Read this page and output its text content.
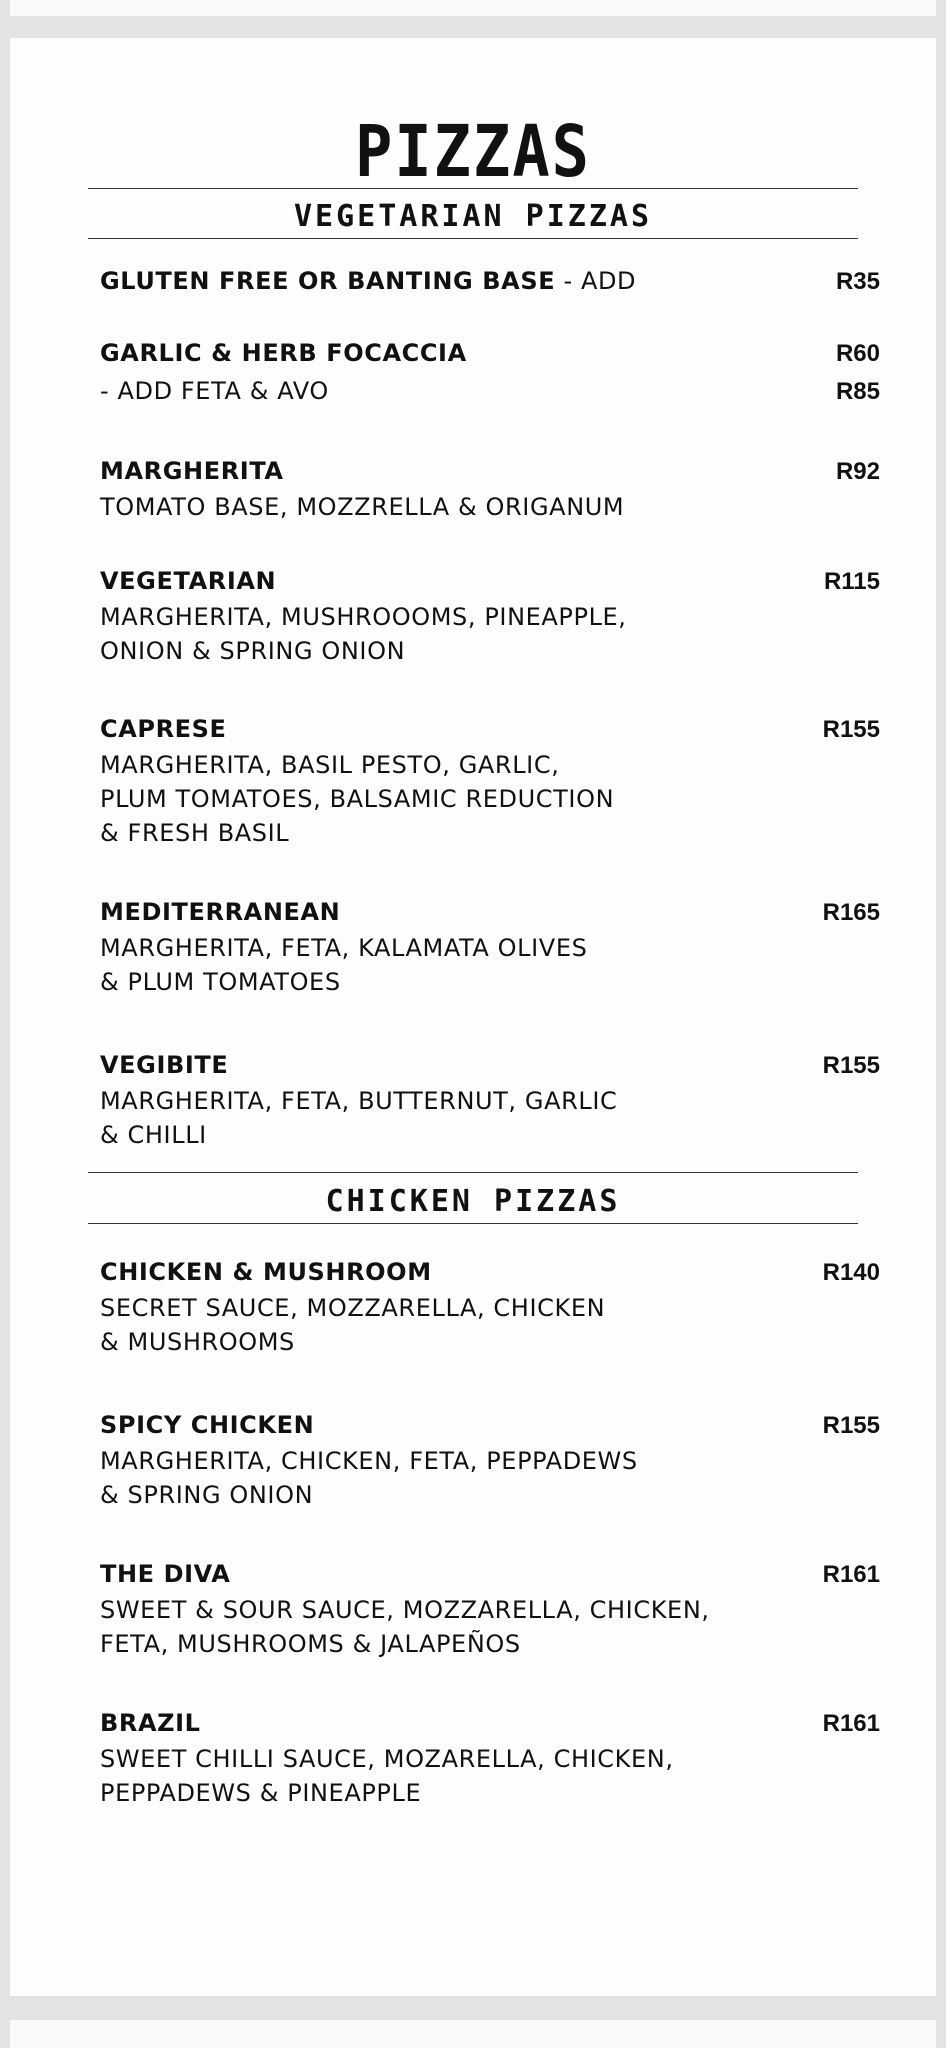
PIZZAS
VEGETARIAN PIZZAS
GLUTEN FREE OR BANTING BASE - ADD	R35
GARLIC & HERB FOCACCIA	R60
- ADD FETA & AVO	R85
MARGHERITA	R92
TOMATO BASE, MOZZRELLA & ORIGANUM
VEGETARIAN	R115
MARGHERITA, MUSHROOOMS, PINEAPPLE,
ONION & SPRING ONION
CAPRESE	R155
MARGHERITA, BASIL PESTO, GARLIC,
PLUM TOMATOES, BALSAMIC REDUCTION
& FRESH BASIL
MEDITERRANEAN	R165
MARGHERITA, FETA, KALAMATA OLIVES
& PLUM TOMATOES
VEGIBITE	R155
MARGHERITA, FETA, BUTTERNUT, GARLIC
& CHILLI
CHICKEN PIZZAS
CHICKEN & MUSHROOM	R140
SECRET SAUCE, MOZZARELLA, CHICKEN
& MUSHROOMS
SPICY CHICKEN	R155
MARGHERITA, CHICKEN, FETA, PEPPADEWS
& SPRING ONION
THE DIVA	R161
SWEET & SOUR SAUCE, MOZZARELLA, CHICKEN,
FETA, MUSHROOMS & JALAPEÑOS
BRAZIL	R161
SWEET CHILLI SAUCE, MOZARELLA, CHICKEN,
PEPPADEWS & PINEAPPLE
